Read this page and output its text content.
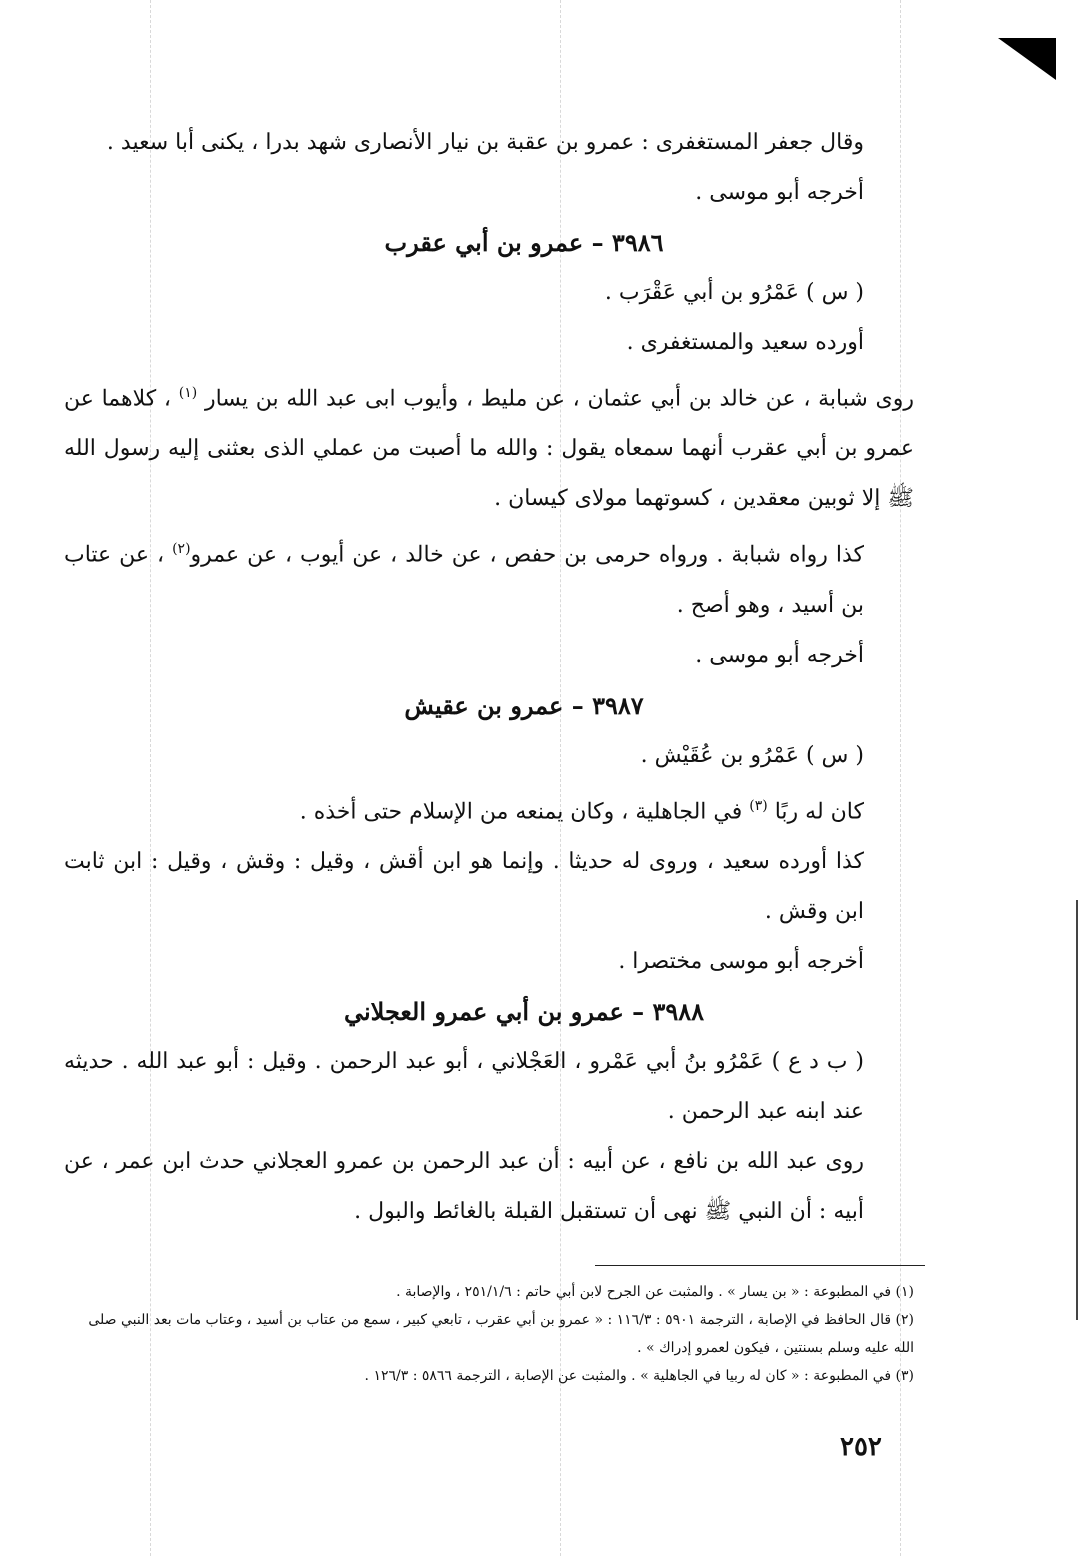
وقال جعفر المستغفرى : عمرو بن عقبة بن نيار الأنصارى شهد بدرا ، يكنى أبا سعيد .

أخرجه أبو موسى .

٣٩٨٦ – عمرو بن أبي عقرب

( س ) عَمْرُو بن أبي عَقْرَب .

أورده سعيد والمستغفرى .

روى شبابة ، عن خالد بن أبي عثمان ، عن مليط ، وأيوب ابى عبد الله بن يسار $^{(١)}$ ، كلاهما عن عمرو بن أبي عقرب أنهما سمعاه يقول : والله ما أصبت من عملي الذى بعثنى إليه رسول الله ﷺ إلا ثوبين معقدين ، كسوتهما مولاى كيسان .

كذا رواه شبابة . ورواه حرمى بن حفص ، عن خالد ، عن أيوب ، عن عمرو$^{(٢)}$ ، عن عتاب بن أسيد ، وهو أصح .

أخرجه أبو موسى .

٣٩٨٧ – عمرو بن عقيش

( س ) عَمْرُو بن عُقَيْش .

كان له ربًا $^{(٣)}$ في الجاهلية ، وكان يمنعه من الإسلام حتى أخذه .

كذا أورده سعيد ، وروى له حديثا . وإنما هو ابن أقش ، وقيل : وقش ، وقيل : ابن ثابت ابن وقش .

أخرجه أبو موسى مختصرا .

٣٩٨٨ – عمرو بن أبي عمرو العجلاني

( ب د ع ) عَمْرُو بنُ أبي عَمْرو ، العَجْلاني ، أبو عبد الرحمن . وقيل : أبو عبد الله . حديثه عند ابنه عبد الرحمن .

روى عبد الله بن نافع ، عن أبيه : أن عبد الرحمن بن عمرو العجلاني حدث ابن عمر ، عن أبيه : أن النبي ﷺ نهى أن تستقبل القبلة بالغائط والبول .

(١) في المطبوعة : « بن يسار » . والمثبت عن الجرح لابن أبي حاتم : ٢٥١/١/٦ ، والإصابة .

(٢) قال الحافظ في الإصابة ، الترجمة ٥٩٠١ : ١١٦/٣ : « عمرو بن أبي عقرب ، تابعي كبير ، سمع من عتاب بن أسيد ، وعتاب مات بعد النبي صلى الله عليه وسلم بسنتين ، فيكون لعمرو إدراك » .

(٣) في المطبوعة : « كان له ربيا في الجاهلية » . والمثبت عن الإصابة ، الترجمة ٥٨٦٦ : ١٢٦/٣ .

٢٥٢
